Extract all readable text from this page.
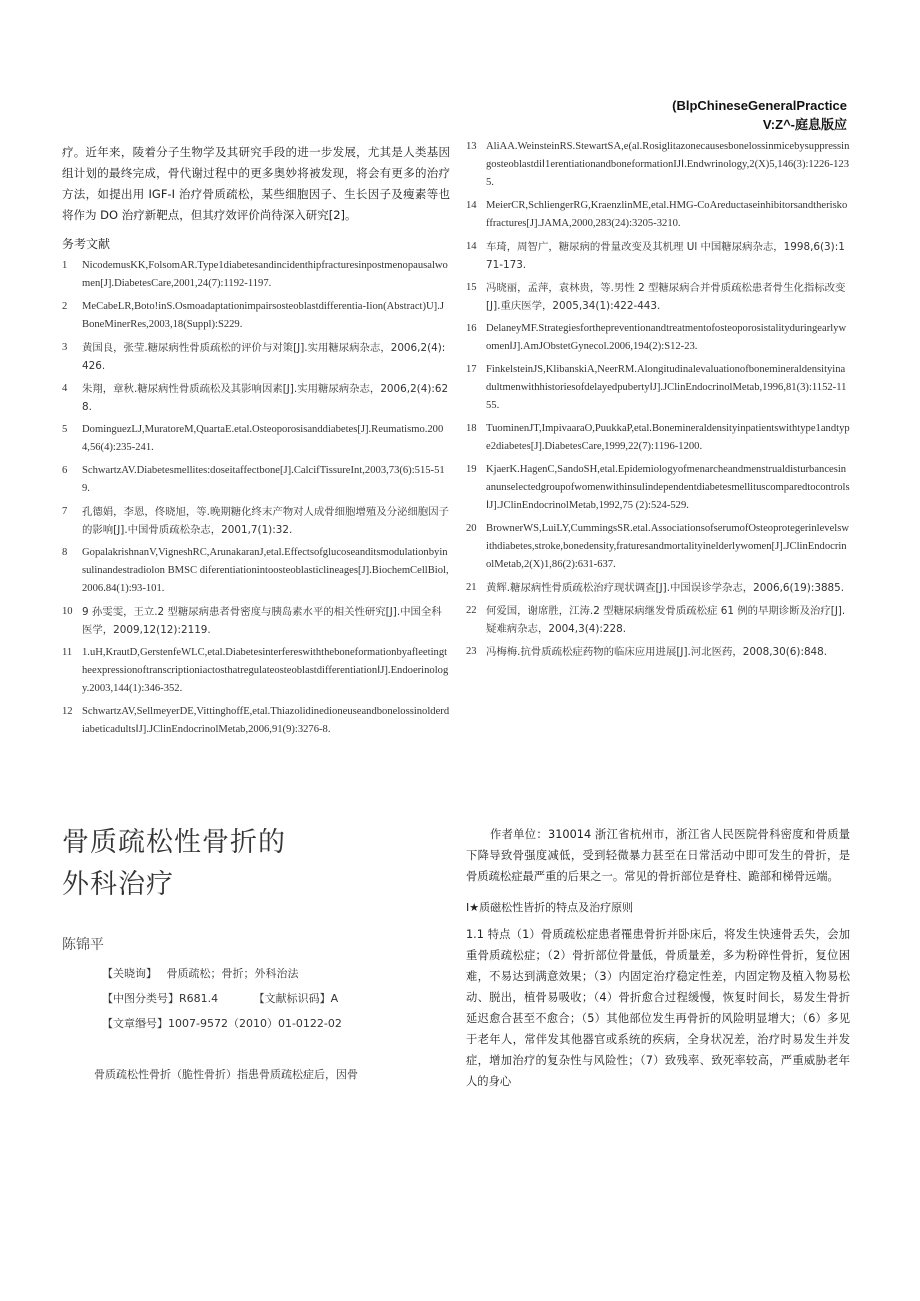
(BlpChineseGeneralPractice
V:Z^-庭息版应

疗。近年来，陵着分子生物学及其研究手段的进一步发展，尤其是人类基因组计划的最终完成，骨代谢过程中的更多奥妙将被发现，将会有更多的治疗方法，如提出用 IGF-I 治疗骨质疏松，某些细胞因子、生长因子及瘦素等也将作为 DO 治疗新靶点，但其疗效评价尚待深入研究[2]。

务考文献
1	NicodemusKK,FolsomAR.Type1diabetesandincidenthipfracturesinpostmenopausalwomen[J].DiabetesCare,2001,24(7):1192-1197.
2	MeCabeLR,Boto!inS.Osmoadaptationimpairsosteoblastdifferentia-Iion(Abstract)U].JBoneMinerRes,2003,18(Suppl):S229.
3	黄国良，张莹.糖尿病性骨质疏松的评价与对策[J].实用糖尿病杂志，2006,2(4):426.
4	朱翔，章秋.糖尿病性骨质疏松及其影响因素[J].实用糖尿病杂志，2006,2(4):628.
5	DominguezLJ,MuratoreM,QuartaE.etal.Osteoporosisanddiabetes[J].Reumatismo.2004,56(4):235-241.
6	SchwartzAV.Diabetesmellites:doseitaffectbone[J].CalcifTissureInt,2003,73(6):515-519.
7	孔德娟，李恩，佟晓旭，等.晚期糖化终末产物对人成骨细胞增殖及分泌细胞因子的影响[J].中国骨质疏松杂志，2001,7(1):32.
8	GopalakrishnanV,VigneshRC,ArunakaranJ,etal.Effectsofglucoseanditsmodulationbyinsulinandestradiolon BMSC diferentiationintoosteoblasticlineages[J].BiochemCellBiol,2006.84(1):93-101.
10 9 孙雯雯，王立.2 型糖尿病患者骨密度与胰岛素水平的相关性研究[J].中国全科医学，2009,12(12):2119.
11 1.uH,KrautD,GerstenfeWLC,etal.DiabetesinterfereswiththeboneformationbyafleetingtheexpressionoftranscriptioniactosthatregulateosteoblastdifferentiationⅠJ].Endoerinology.2003,144(1):346-352.
12 SchwartzAV,SellmeyerDE,VittinghoffE,etal.ThiazolidinedioneuseandbonelossinolderdiabeticadultsⅠJ].JClinEndocrinolMetab,2006,91(9):3276-8.
13 AliAA.WeinsteinRS.StewartSA,e(al.RosiglitazonecausesbonelossinmicebysuppressingosteoblastdiⅠ1erentiationandboneformationIJⅠ.Endwrinology,2(X)5,146(3):1226-1235.
14 MeierCR,SchliengerRG,KraenzlinME,etal.HMG-CoAreductaseinhibitorsandtheriskoffractures[J].JAMA,2000,283(24):3205-3210.
14 车琦，周智广，糖尿病的骨量改变及其机理 Ul 中国糖尿病杂志，1998,6(3):171-173.
15 冯晓丽，孟萍，袁林贵，等.男性 2 型糖尿病合并骨质疏松患者骨生化指标改变[J].重庆医学，2005,34(1):422-443.
16 DelaneyMF.StrategiesforthepreventionandtreatmentofosteoporosistalityduringearlywomenⅠJ].AmJObstetGynecol.2006,194(2):S12-23.
17 FinkelsteinJS,KlibanskiA,NeerRM.AlongitudinalevaluationofbonemineraldensityinadultmenwithhistoriesofdelayedpubertyⅠJ].JClinEndocrinolMetab,1996,81(3):1152-1155.
18 TuominenJT,ImpivaaraO,PuukkaP,etal.Bonemineraldensityinpatientswithtype1andtype2diabetes[J].DiabetesCare,1999,22(7):1196-1200.
19 KjaerK.HagenC,SandoSH,etal.EpidemiologyofmenarcheandmenstrualdisturbancesinanunselectedgroupofwomenwithinsulindependentdiabetesmellituscomparedtocontrolsⅠJ].JClinEndocrinolMetab,1992,75 (2):524-529.
20 BrownerWS,LuiLY,CummingsSR.etal.AssociationsofserumofOsteoprotegerinlevelswithdiabetes,stroke,bonedensity,fraturesandmortalityinelderlywomen[J].JClinEndocrinolMetab,2(X)1,86(2):631-637.
21 黄辉.糖尿病性骨质疏松治疗现状调查[J].中国误诊学杂志，2006,6(19):3885.
22 何爱国，谢席胜，江涛.2 型糖尿病继发骨质疏松症 61 例的早期诊断及治疗[J].疑难病杂志，2004,3(4):228.
23 冯梅梅.抗骨质疏松症药物的临床应用进展[J].河北医药，2008,30(6):848.
骨质疏松性骨折的
外科治疗
陈锦平
【关晓询】 骨质疏松；骨折；外科治法
【中图分类号】R681.4	【文献标识码】A
【文章缗号】1007-9572（2010）01-0122-02
骨质疏松性骨折（脆性骨折）指患骨质疏松症后，因骨

作者单位：310014 浙江省杭州市，浙江省人民医院骨科密度和骨质量下降导致骨强度减低，受到轻微暴力甚至在日常活动中即可发生的骨折，是骨质疏松症最严重的后果之一。常见的骨折部位是脊柱、跪部和梯骨远端。

I★质磁松性皆折的特点及治疗原则

1.1 特点（1）骨质疏松症患者罹患骨折并卧床后，将发生快速骨丢失，会加重骨质疏松症；（2）骨折部位骨量低，骨质量差，多为粉碎性骨折，复位困难，不易达到满意效果；（3）内固定治疗稳定性差，内固定物及植入物易松动、脱出，植骨易吸收；（4）骨折愈合过程缓慢，恢复时间长，易发生骨折延迟愈合甚至不愈合；（5）其他部位发生再骨折的风险明显增大；（6）多见于老年人，常伴发其他器官或系统的疾病，全身状况差，治疗时易发生并发症，增加治疗的复杂性与风险性；（7）致残率、致死率较高，严重威胁老年人的身心
